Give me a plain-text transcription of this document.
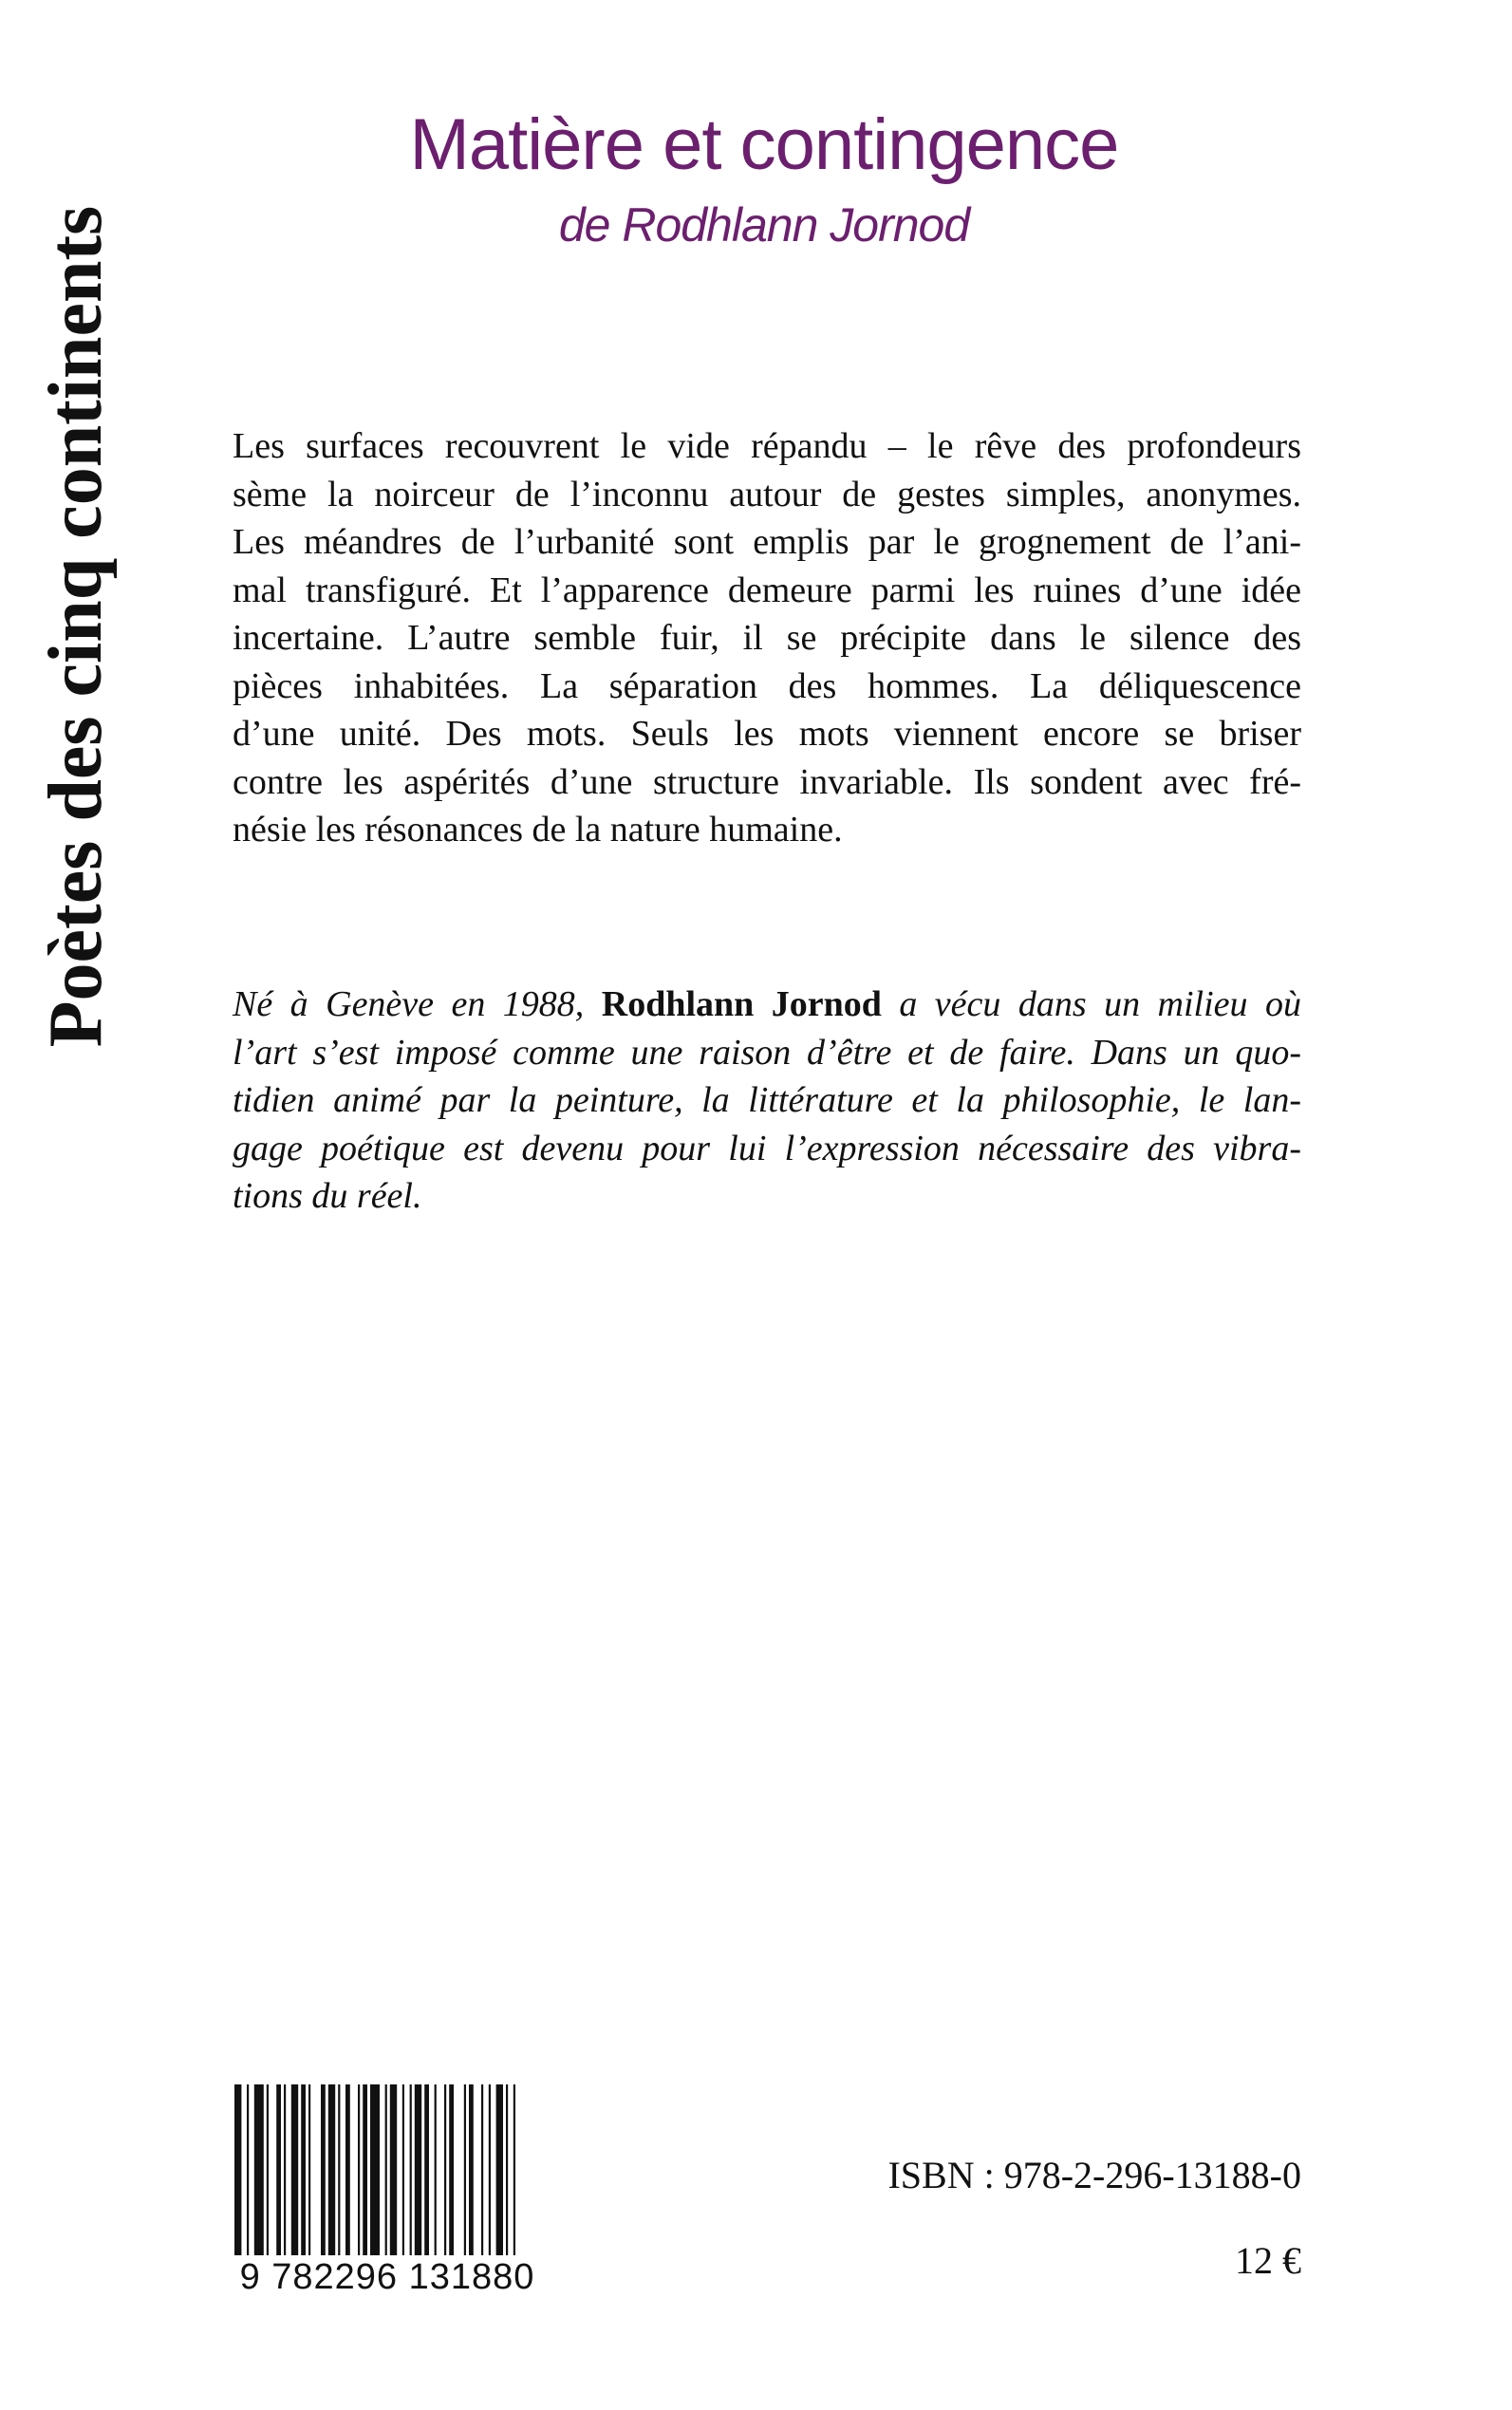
Poètes des cinq continents
Matière et contingence
de Rodhlann Jornod
Les surfaces recouvrent le vide répandu – le rêve des profondeurs
sème la noirceur de l’inconnu autour de gestes simples, anonymes.
Les méandres de l’urbanité sont emplis par le grognement de l’ani-
mal transfiguré. Et l’apparence demeure parmi les ruines d’une idée
incertaine. L’autre semble fuir, il se précipite dans le silence des
pièces inhabitées. La séparation des hommes. La déliquescence
d’une unité. Des mots. Seuls les mots viennent encore se briser
contre les aspérités d’une structure invariable. Ils sondent avec fré-
nésie les résonances de la nature humaine.
Né à Genève en 1988, Rodhlann Jornod a vécu dans un milieu où
l’art s’est imposé comme une raison d’être et de faire. Dans un quo-
tidien animé par la peinture, la littérature et la philosophie, le lan-
gage poétique est devenu pour lui l’expression nécessaire des vibra-
tions du réel.
9 782296 131880
ISBN : 978-2-296-13188-0
12 €
